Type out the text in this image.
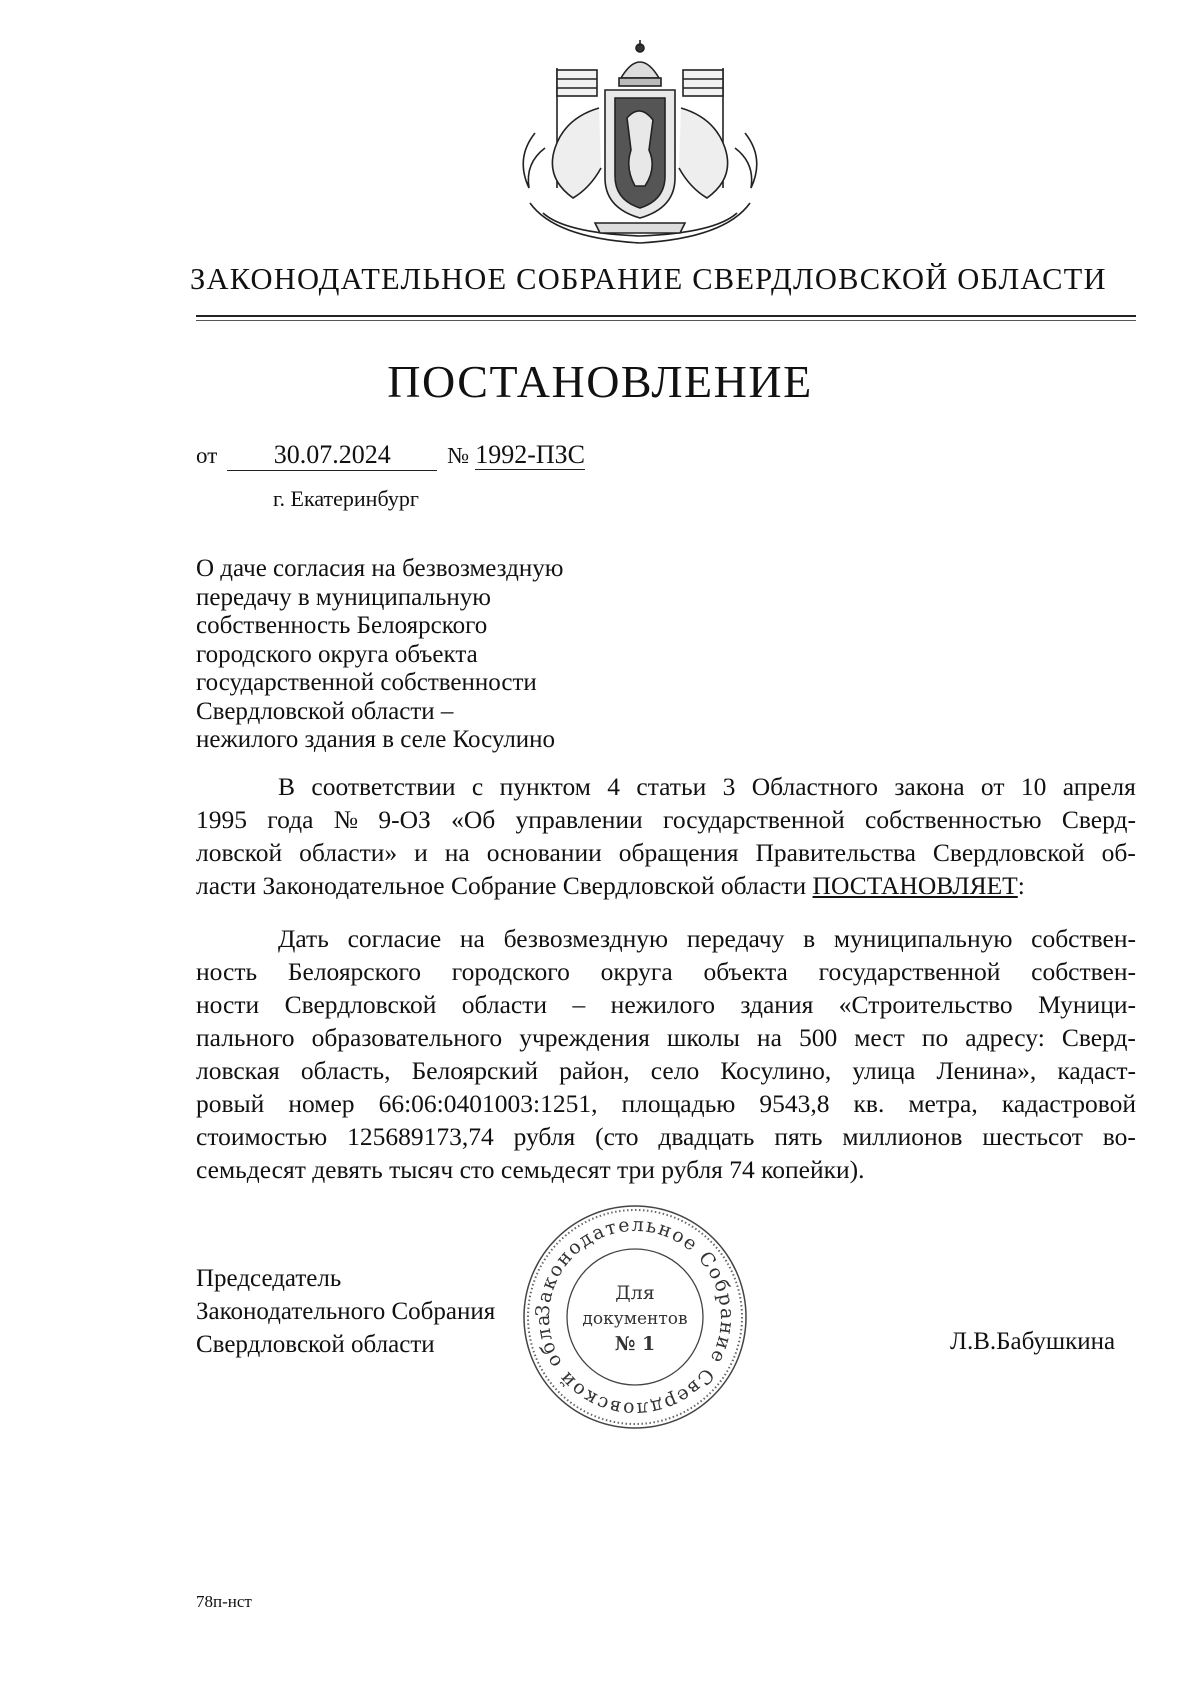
ЗАКОНОДАТЕЛЬНОЕ СОБРАНИЕ СВЕРДЛОВСКОЙ ОБЛАСТИ
ПОСТАНОВЛЕНИЕ
от 30.07.2024 № 1992-ПЗС
г. Екатеринбург
О даче согласия на безвозмездную
передачу в муниципальную
собственность Белоярского
городского округа объекта
государственной собственности
Свердловской области –
нежилого здания в селе Косулино
В соответствии с пунктом 4 статьи 3 Областного закона от 10 апреля
1995 года № 9-ОЗ «Об управлении государственной собственностью Сверд-
ловской области» и на основании обращения Правительства Свердловской об-
ласти Законодательное Собрание Свердловской области ПОСТАНОВЛЯЕТ :
Дать согласие на безвозмездную передачу в муниципальную собствен-
ность Белоярского городского округа объекта государственной собствен-
ности Свердловской области – нежилого здания «Строительство Муници-
пального образовательного учреждения школы на 500 мест по адресу: Сверд-
ловская область, Белоярский район, село Косулино, улица Ленина», кадаст-
ровый номер 66:06:0401003:1251, площадью 9543,8 кв. метра, кадастровой
стоимостью 125689173,74 рубля (сто двадцать пять миллионов шестьсот во-
семьдесят девять тысяч сто семьдесят три рубля 74 копейки).
Председатель
Законодательного Собрания
Свердловской области
Законодательное Собрание Свердловской обла
Для
документов
№ 1	Л.В.Бабушкина
78п-нст
